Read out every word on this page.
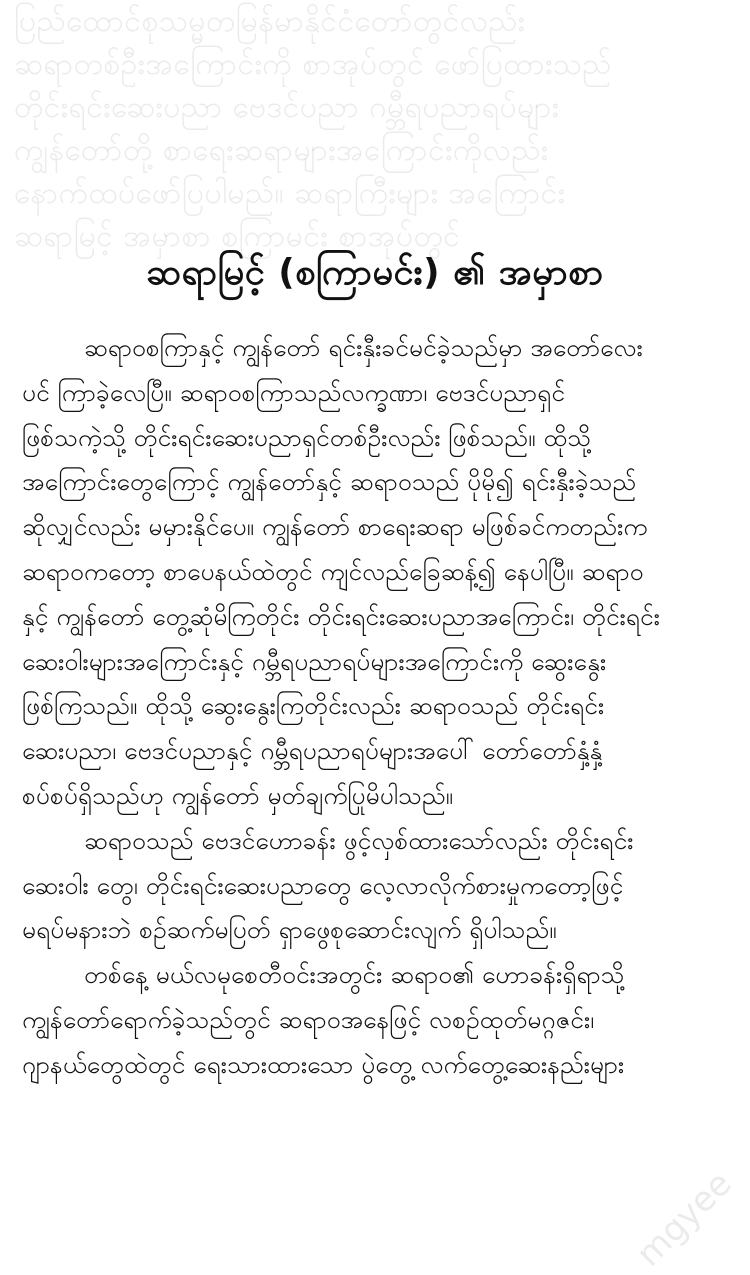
ပြည်ထောင်စုသမ္မတမြန်မာနိုင်ငံတော်တွင်လည်း
ဆရာတစ်ဦးအကြောင်းကို စာအုပ်တွင် ဖော်ပြထားသည်
တိုင်းရင်းဆေးပညာ ဗေဒင်ပညာ ဂမ္ဘီရပညာရပ်များ
ကျွန်တော်တို့ စာရေးဆရာများအကြောင်းကိုလည်း
နောက်ထပ်ဖော်ပြပါမည်။ ဆရာကြီးများ အကြောင်း
ဆရာမြင့် အမှာစာ စကြာမင်း စာအုပ်တွင်
ဆရာမြင့် (စကြာမင်း) ၏ အမှာစာ
ဆရာ၀စကြာနှင့် ကျွန်တော် ရင်းနှီးခင်မင်ခဲ့သည်မှာ အတော်လေး
ပင် ကြာခဲ့လေပြီ။ ဆရာ၀စကြာသည်လက္ခဏာ၊ ဗေဒင်ပညာရှင်
ဖြစ်သကဲ့သို့ တိုင်းရင်းဆေးပညာရှင်တစ်ဦးလည်း ဖြစ်သည်။ ထိုသို့
အကြောင်းတွေကြောင့် ကျွန်တော်နှင့် ဆရာ၀သည် ပိုမို၍ ရင်းနှီးခဲ့သည်
ဆိုလျှင်လည်း မမှားနိုင်ပေ။ ကျွန်တော် စာရေးဆရာ မဖြစ်ခင်ကတည်းက
ဆရာ၀ကတော့ စာပေနယ်ထဲတွင် ကျင်လည်ခြေဆန့်၍ နေပါပြီ။ ဆရာ၀
နှင့် ကျွန်တော် တွေ့ဆုံမိကြတိုင်း တိုင်းရင်းဆေးပညာအကြောင်း၊ တိုင်းရင်း
ဆေး၀ါးများအကြောင်းနှင့် ဂမ္ဘီရပညာရပ်များအကြောင်းကို ဆွေးနွေး
ဖြစ်ကြသည်။ ထိုသို့ ဆွေးနွေးကြတိုင်းလည်း ဆရာ၀သည် တိုင်းရင်း
ဆေးပညာ၊ ဗေဒင်ပညာနှင့် ဂမ္ဘီရပညာရပ်များအပေါ် တော်တော်နှံ့နှံ့
စပ်စပ်ရှိသည်ဟု ကျွန်တော် မှတ်ချက်ပြုမိပါသည်။
ဆရာ၀သည် ဗေဒင်ဟောခန်း ဖွင့်လှစ်ထားသော်လည်း တိုင်းရင်း
ဆေး၀ါး တွေ၊ တိုင်းရင်းဆေးပညာတွေ လေ့လာလိုက်စားမှုကတော့ဖြင့်
မရပ်မနားဘဲ စဉ်ဆက်မပြတ် ရှာဖွေစုဆောင်းလျက် ရှိပါသည်။
တစ်နေ့ မယ်လမုစေတီ၀င်းအတွင်း ဆရာ၀၏ ဟောခန်းရှိရာသို့
ကျွန်တော်ရောက်ခဲ့သည်တွင် ဆရာ၀အနေဖြင့် လစဉ်ထုတ်မဂ္ဂဇင်း၊
ဂျာနယ်တွေထဲတွင် ရေးသားထားသော ပွဲတွေ့ လက်တွေ့ဆေးနည်းများ
mgyee
